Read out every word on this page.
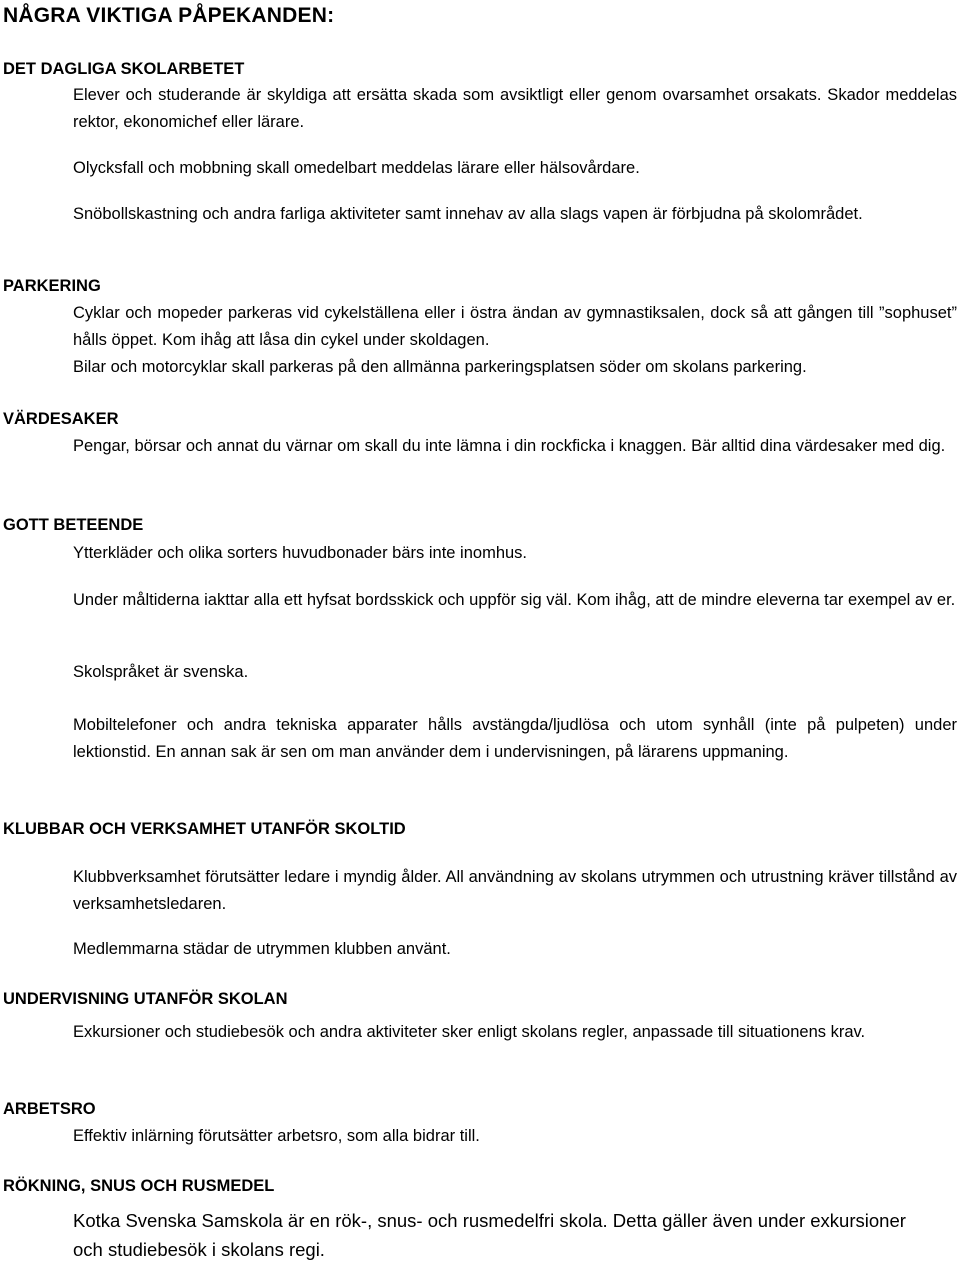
NÅGRA VIKTIGA PÅPEKANDEN:
DET DAGLIGA SKOLARBETET

Elever och studerande är skyldiga att ersätta skada som avsiktligt eller genom ovarsamhet orsakats. Skador meddelas rektor, ekonomichef eller lärare.

Olycksfall och mobbning skall omedelbart meddelas lärare eller hälsovårdare.

Snöbollskastning och andra farliga aktiviteter samt innehav av alla slags vapen är förbjudna på skolområdet.

PARKERING

Cyklar och mopeder parkeras vid cykelställena eller i östra ändan av gymnastiksalen, dock så att gången till ”sophuset” hålls öppet. Kom ihåg att låsa din cykel under skoldagen.

Bilar och motorcyklar skall parkeras på den allmänna parkeringsplatsen söder om skolans parkering.

VÄRDESAKER

Pengar, börsar och annat du värnar om skall du inte lämna i din rockficka i knaggen. Bär alltid dina värdesaker med dig.

GOTT BETEENDE

Ytterkläder och olika sorters huvudbonader bärs inte inomhus.

Under måltiderna iakttar alla ett hyfsat bordsskick och uppför sig väl. Kom ihåg, att de mindre eleverna tar exempel av er.

Skolspråket är svenska.

Mobiltelefoner och andra tekniska apparater hålls avstängda/ljudlösa och utom synhåll (inte på pulpeten) under lektionstid. En annan sak är sen om man använder dem i undervisningen, på lärarens uppmaning.

KLUBBAR OCH VERKSAMHET UTANFÖR SKOLTID

Klubbverksamhet förutsätter ledare i myndig ålder. All användning av skolans utrymmen och utrustning kräver tillstånd av verksamhetsledaren.

Medlemmarna städar de utrymmen klubben använt.

UNDERVISNING UTANFÖR SKOLAN

Exkursioner och studiebesök och andra aktiviteter sker enligt skolans regler, anpassade till situationens krav.

ARBETSRO

Effektiv inlärning förutsätter arbetsro, som alla bidrar till.

RÖKNING, SNUS OCH RUSMEDEL

Kotka Svenska Samskola är en rök-, snus- och rusmedelfri skola. Detta gäller även under exkursioner och studiebesök i skolans regi.
